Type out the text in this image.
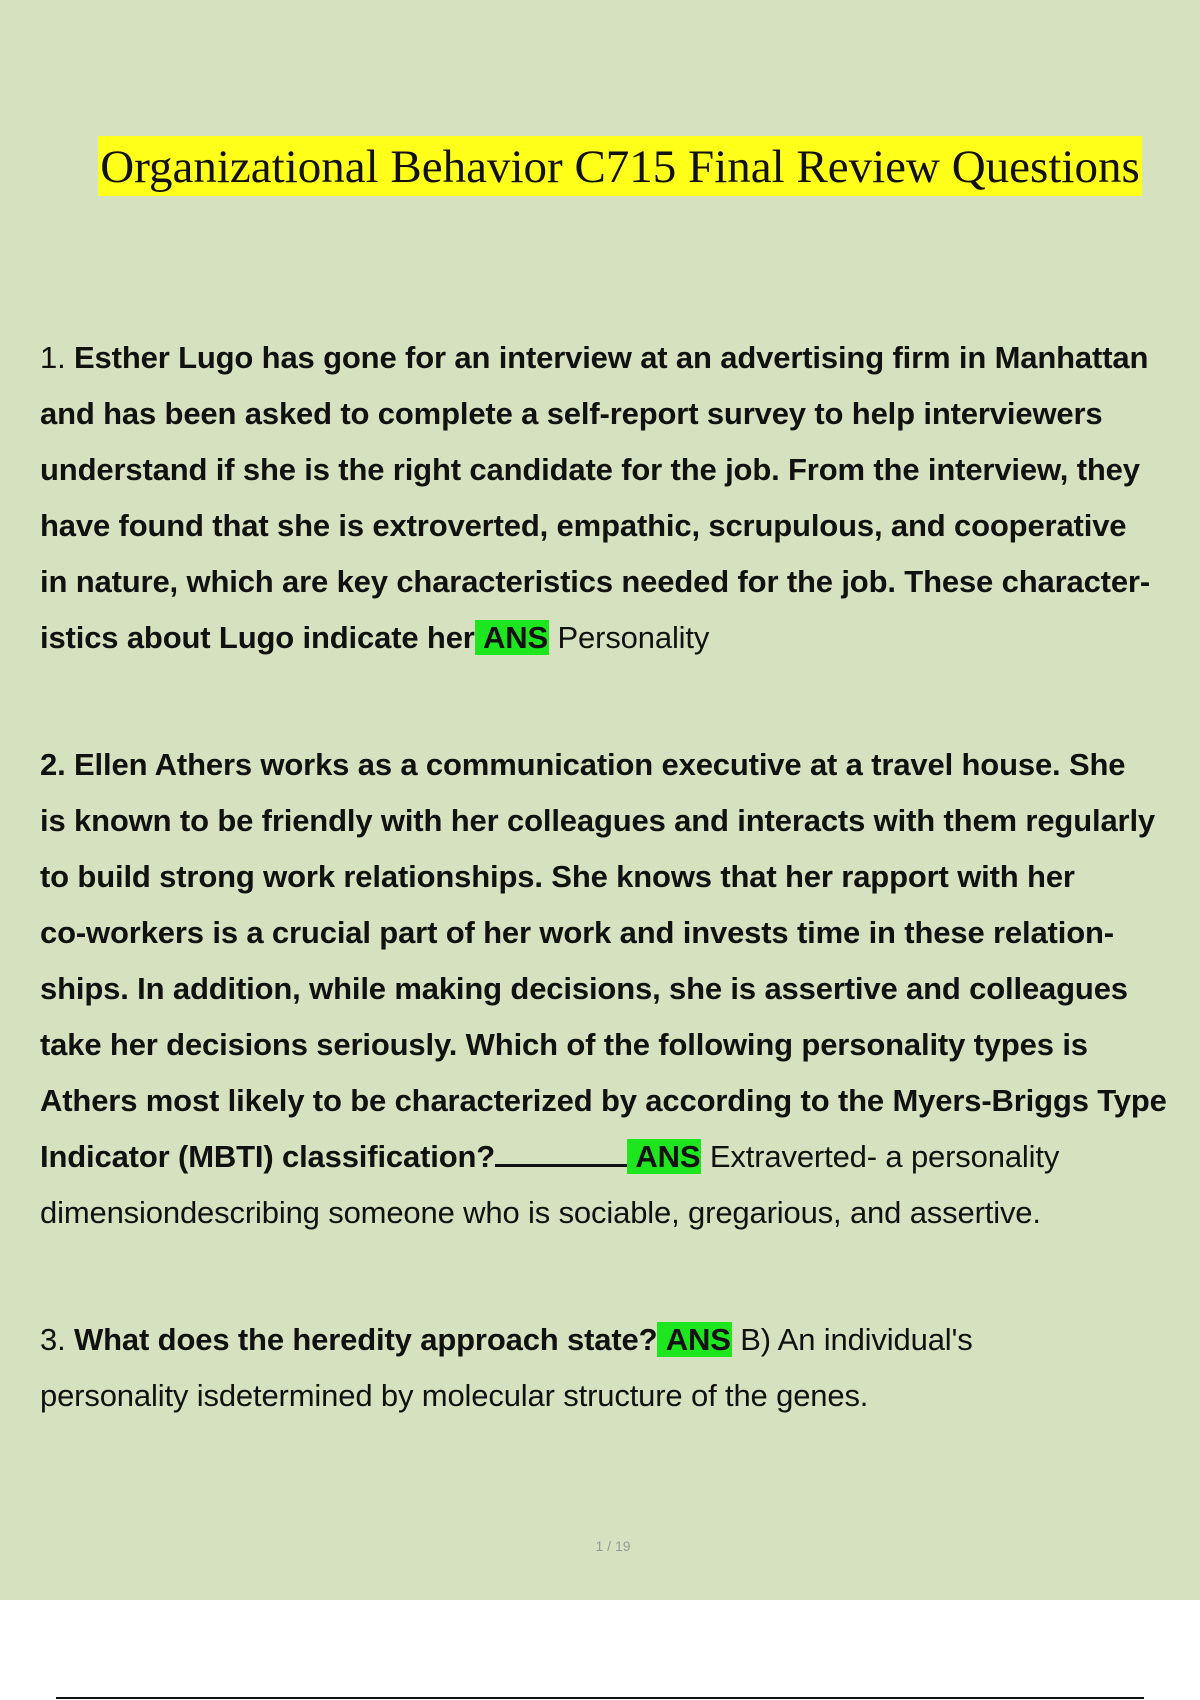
Organizational Behavior C715 Final Review Questions
1. Esther Lugo has gone for an interview at an advertising firm in Manhattan
and has been asked to complete a self-report survey to help interviewers
understand if she is the right candidate for the job. From the interview, they
have found that she is extroverted, empathic, scrupulous, and cooperative
in nature, which are key characteristics needed for the job. These character-
istics about Lugo indicate her ANS Personality
2. Ellen Athers works as a communication executive at a travel house. She
is known to be friendly with her colleagues and interacts with them regularly
to build strong work relationships. She knows that her rapport with her
co-workers is a crucial part of her work and invests time in these relation-
ships. In addition, while making decisions, she is assertive and colleagues
take her decisions seriously. Which of the following personality types is
Athers most likely to be characterized by according to the Myers-Briggs Type
Indicator (MBTI) classification?	ANS Extraverted- a personality
dimensiondescribing someone who is sociable, gregarious, and assertive.
3. What does the heredity approach state? ANS B) An individual's
personality isdetermined by molecular structure of the genes.
1 / 19
